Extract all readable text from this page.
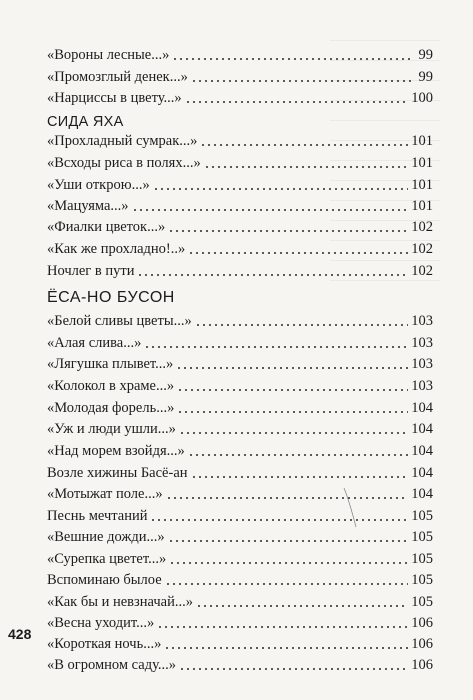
«Вороны лесные...»	99
«Промозглый денек...»	99
«Нарциссы в цвету...»	100
СИДА ЯХА
«Прохладный сумрак...»	101
«Всходы риса в полях...»	101
«Уши открою...»	101
«Мацуяма...»	101
«Фиалки цветок...»	102
«Как же прохладно!..»	102
Ночлег в пути	102
ЁСА-НО БУСОН
«Белой сливы цветы...»	103
«Алая слива...»	103
«Лягушка плывет...»	103
«Колокол в храме...»	103
«Молодая форель...»	104
«Уж и люди ушли...»	104
«Над морем взойдя...»	104
Возле хижины Басё-ан	104
«Мотыжат поле...»	104
Песнь мечтаний	105
«Вешние дожди...»	105
«Сурепка цветет...»	105
Вспоминаю былое	105
«Как бы и невзначай...»	105
«Весна уходит...»	106
«Короткая ночь...»	106
«В огромном саду...»	106
428
